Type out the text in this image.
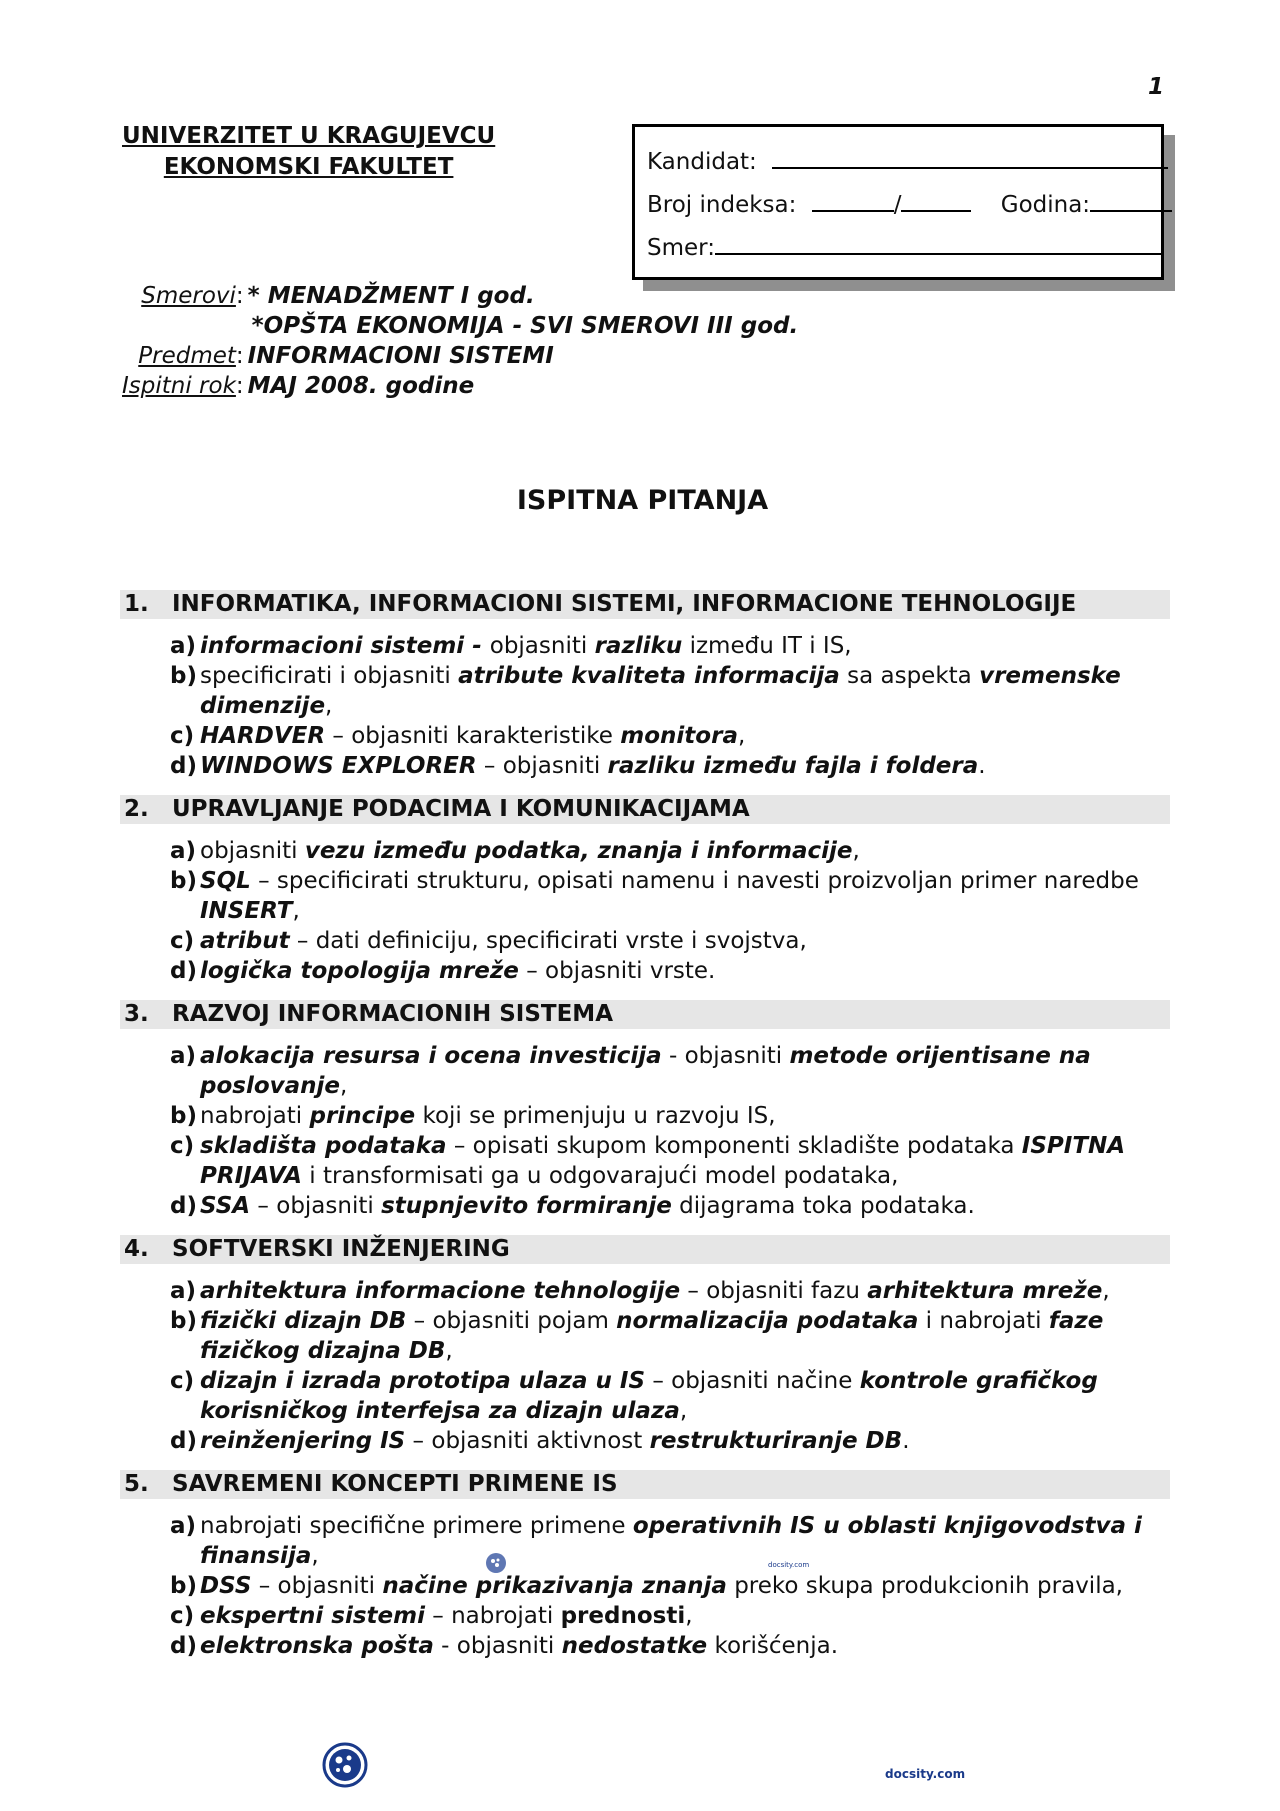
1
UNIVERZITET U KRAGUJEVCU
EKONOMSKI FAKULTET	Kandidat:
Broj indeksa:	/	Godina:
Smer:
Smerovi:	* MENADŽMENT I god.
	*OPŠTA EKONOMIJA - SVI SMEROVI III god.
Predmet:	INFORMACIONI SISTEMI
Ispitni rok:	MAJ 2008. godine
ISPITNA PITANJA
1.	INFORMATIKA, INFORMACIONI SISTEMI, INFORMACIONE TEHNOLOGIJE
a) informacioni sistemi - objasniti razliku između IT i IS,
b) specificirati i objasniti atribute kvaliteta informacija sa aspekta vremenske dimenzije,
c) HARDVER – objasniti karakteristike monitora,
d) WINDOWS EXPLORER – objasniti razliku između fajla i foldera.
2.	UPRAVLJANJE PODACIMA I KOMUNIKACIJAMA
a) objasniti vezu između podatka, znanja i informacije,
b) SQL – specificirati strukturu, opisati namenu i navesti proizvoljan primer naredbe INSERT,
c) atribut – dati definiciju, specificirati vrste i svojstva,
d) logička topologija mreže – objasniti vrste.
3.	RAZVOJ INFORMACIONIH SISTEMA
a) alokacija resursa i ocena investicija - objasniti metode orijentisane na poslovanje,
b) nabrojati principe koji se primenjuju u razvoju IS,
c) skladišta podataka – opisati skupom komponenti skladište podataka ISPITNA PRIJAVA i transformisati ga u odgovarajući model podataka,
d) SSA – objasniti stupnjevito formiranje dijagrama toka podataka.
4.	SOFTVERSKI INŽENJERING
a) arhitektura informacione tehnologije – objasniti fazu arhitektura mreže,
b) fizički dizajn DB – objasniti pojam normalizacija podataka i nabrojati faze fizičkog dizajna DB,
c) dizajn i izrada prototipa ulaza u IS – objasniti načine kontrole grafičkog korisničkog interfejsa za dizajn ulaza,
d) reinženjering IS – objasniti aktivnost restrukturiranje DB.
5.	SAVREMENI KONCEPTI PRIMENE IS
a) nabrojati specifične primere primene operativnih IS u oblasti knjigovodstva i finansija,
b) DSS – objasniti načine prikazivanja znanja preko skupa produkcionih pravila,
c) ekspertni sistemi – nabrojati prednosti,
d) elektronska pošta - objasniti nedostatke korišćenja.
docsity.com
docsity.com
